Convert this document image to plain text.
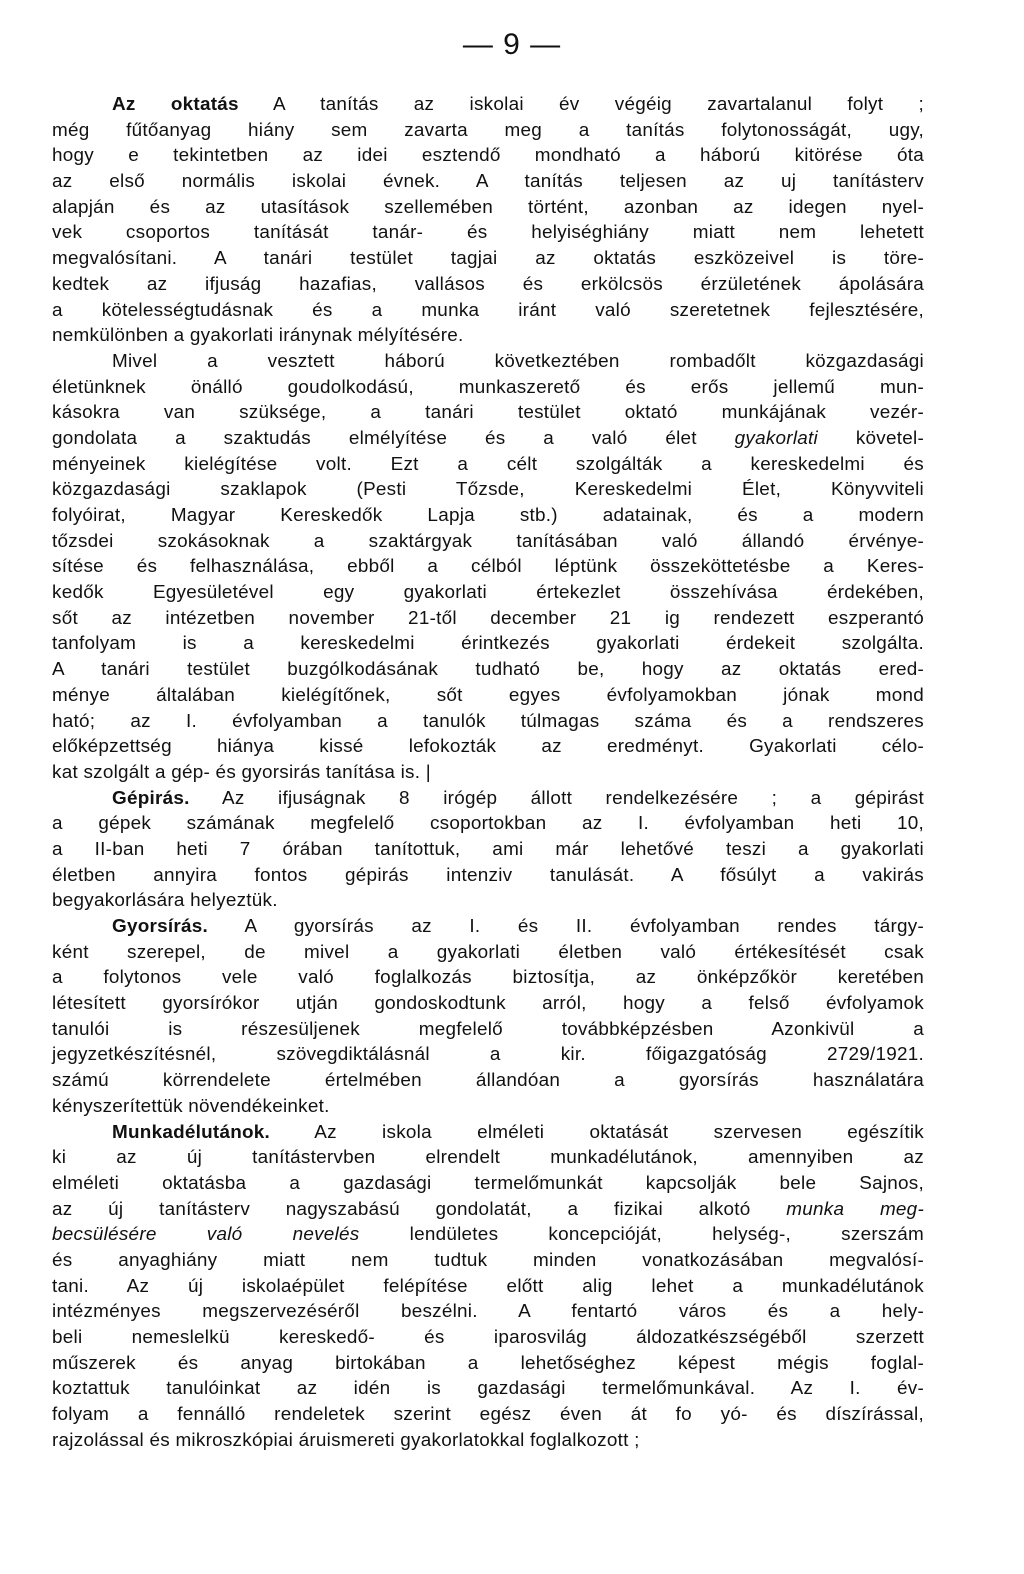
— 9 —
Az oktatás A tanítás az iskolai év végéig zavartalanul folyt ;
még fűtőanyag hiány sem zavarta meg a tanítás folytonosságát, ugy,
hogy e tekintetben az idei esztendő mondható a háború kitörése óta
az első normális iskolai évnek. A tanítás teljesen az uj tanításterv
alapján és az utasítások szellemében történt, azonban az idegen nyel-
vek csoportos tanítását tanár- és helyiséghiány miatt nem lehetett
megvalósítani. A tanári testület tagjai az oktatás eszközeivel is törе-
kedtek az ifjuság hazafias, vallásos és erkölcsös érzületének ápolására
a kötelességtudásnak és a munka iránt való szeretetnek fejlesztésére,
nemkülönben a gyakorlati iránynak mélyítésére.
Mivel a vesztett háború következtében rombadőlt közgazdasági
életünknek önálló goudolkodású, munkaszerető és erős jellemű mun-
kásokra van szüksége, a tanári testület oktató munkájának vezér-
gondolata a szaktudás elmélyítése és a való élet gyakorlati követel-
ményeinek kielégítése volt. Ezt a célt szolgálták a kereskedelmi és
közgazdasági szaklapok (Pesti Tőzsde, Kereskedelmi Élet, Könyvviteli
folyóirat, Magyar Kereskedők Lapja stb.) adatainak, és a modern
tőzsdei szokásoknak a szaktárgyak tanításában való állandó érvénye-
sítése és felhasználása, ebből a célból léptünk összeköttetésbe a Keres-
kedők Egyesületével egy gyakorlati értekezlet összehívása érdekében,
sőt az intézetben november 21-től december 21 ig rendezett eszperantó
tanfolyam is a kereskedelmi érintkezés gyakorlati érdekeit szolgálta.
A tanári testület buzgólkodásának tudható be, hogy az oktatás ered-
ménye általában kielégítőnek, sőt egyes évfolyamokban jónak mond
ható; az I. évfolyamban a tanulók túlmagas száma és a rendszeres
előképzettség hiánya kissé lefokozták az eredményt. Gyakorlati célo-
kat szolgált a gép- és gyorsirás tanítása is. |
Gépirás. Az ifjuságnak 8 irógép állott rendelkezésére ; a gépirást
a gépek számának megfelelő csoportokban az I. évfolyamban heti 10,
a II-ban heti 7 órában tanítottuk, ami már lehetővé teszi a gyakorlati
életben annyira fontos gépirás intenziv tanulását. A fősúlyt a vakirás
begyakorlására helyeztük.
Gyorsírás. A gyorsírás az I. és II. évfolyamban rendes tárgy-
ként szerepel, de mivel a gyakorlati életben való értékesítését csak
a folytonos vele való foglalkozás biztosítja, az önképzőkör keretében
létesített gyorsírókor utján gondoskodtunk arról, hogy a felső évfolyamok
tanulói is részesüljenek megfelelő továbbképzésben Azonkivül a
jegyzetkészítésnél, szövegdiktálásnál a kir. főigazgatóság 2729/1921.
számú körrendelete értelmében állandóan a gyorsírás használatára
kényszerítettük növendékeinket.
Munkadélutánok. Az iskola elméleti oktatását szervesen egészítik
ki az új tanítástervben elrendelt munkadélutánok, amennyiben az
elméleti oktatásba a gazdasági termelőmunkát kapcsolják bele Sajnos,
az új tanításterv nagyszabású gondolatát, a fizikai alkotó munka meg-
becsülésére való nevelés lendületes koncepcióját, helység-, szerszám
és anyaghiány miatt nem tudtuk minden vonatkozásában megvalósí-
tani. Az új iskolaépület felépítése előtt alig lehet a munkadélutánok
intézményes megszervezéséről beszélni. A fentartó város és a hely-
beli nemeslelkü kereskedő- és iparosvilág áldozatkészségéből szerzett
műszerek és anyag birtokában a lehetőséghez képest mégis foglal-
koztattuk tanulóinkat az idén is gazdasági termelőmunkával. Az I. év-
folyam a fennálló rendeletek szerint egész éven át fo yó- és díszírással,
rajzolással és mikroszkópiai áruismereti gyakorlatokkal foglalkozott ;
